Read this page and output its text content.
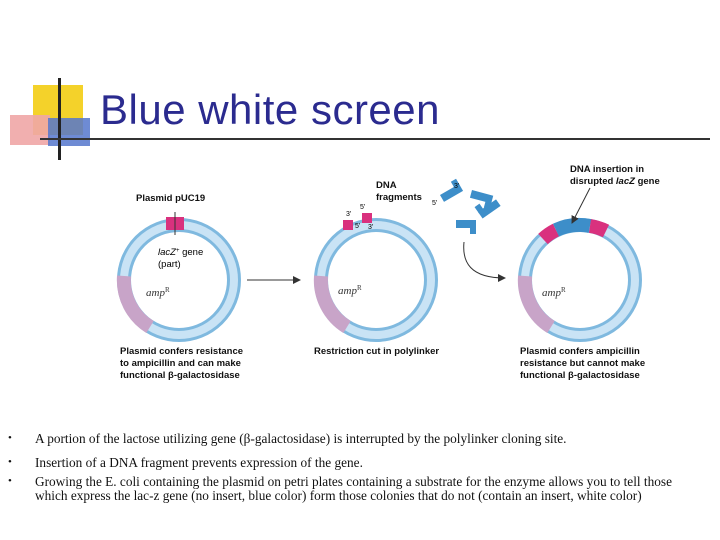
Blue white screen
Plasmid pUC19
lacZ+ gene
(part)
amp$^R$
3'
5'
5'
3'
amp$^R$
DNA
fragments
3'
5'
DNA insertion in
disrupted lacZ gene
amp$^R$
Plasmid confers resistance
to ampicillin and can make
functional β-galactosidase
Restriction cut in polylinker	Plasmid confers ampicillin
resistance but cannot make
functional β-galactosidase
• A portion of the lactose utilizing gene (β-galactosidase) is interrupted by the polylinker cloning site.
• Insertion of a DNA fragment prevents expression of the gene.
• Growing the E. coli containing the plasmid on petri plates containing a substrate for the enzyme allows you to tell those which express the lac-z gene (no insert, blue color) form those colonies that do not (contain an insert, white color)
